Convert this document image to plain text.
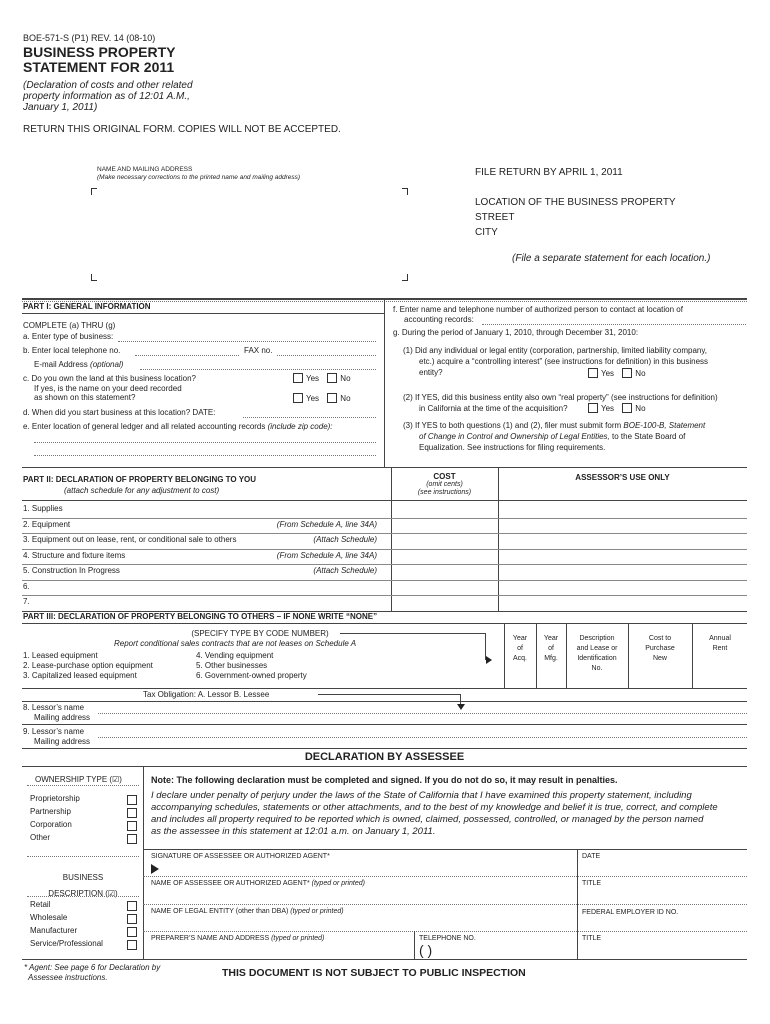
BOE-571-S (P1) REV. 14 (08-10)
BUSINESS PROPERTY
STATEMENT FOR 2011
(Declaration of costs and other related
property information as of 12:01 A.M.,
January 1, 2011)
RETURN THIS ORIGINAL FORM. COPIES WILL NOT BE ACCEPTED.
NAME AND MAILING ADDRESS
(Make necessary corrections to the printed name and mailing address)	FILE RETURN BY APRIL 1, 2011
LOCATION OF THE BUSINESS PROPERTY
STREET
CITY
(File a separate statement for each location.)
PART I: GENERAL INFORMATION
COMPLETE (a) THRU (g)
a. Enter type of business:
b. Enter local telephone no.	FAX no.
E-mail Address (optional)
c. Do you own the land at this business location?	Yes
	No
If yes, is the name on your deed recorded
as shown on this statement?	Yes
	No
d. When did you start business at this location? DATE:
e. Enter location of general ledger and all related accounting records (include zip code):
f. Enter name and telephone number of authorized person to contact at location of
accounting records:
g. During the period of January 1, 2010, through December 31, 2010:
(1) Did any individual or legal entity (corporation, partnership, limited liability company,
etc.) acquire a “controlling interest” (see instructions for definition) in this business
entity?	Yes
	No
(2) If YES, did this business entity also own “real property” (see instructions for definition)
in California at the time of the acquisition?	Yes
	No
(3) If YES to both questions (1) and (2), filer must submit form BOE-100-B, Statement
of Change in Control and Ownership of Legal Entities, to the State Board of
Equalization. See instructions for filing requirements.
PART II: DECLARATION OF PROPERTY BELONGING TO YOU
(attach schedule for any adjustment to cost)
COST
(omit cents)
(see instructions)
ASSESSOR’S USE ONLY
1. Supplies
2. Equipment	(From Schedule A, line 34A)
3. Equipment out on lease, rent, or conditional sale to others	(Attach Schedule)
4. Structure and fixture items	(From Schedule A, line 34A)
5. Construction In Progress	(Attach Schedule)
6.
7.
PART III: DECLARATION OF PROPERTY BELONGING TO OTHERS – IF NONE WRITE “NONE”
(SPECIFY TYPE BY CODE NUMBER)
Report conditional sales contracts that are not leases on Schedule A
1. Leased equipment
2. Lease-purchase option equipment
3. Capitalized leased equipment
4. Vending equipment
5. Other businesses
6. Government-owned property
Year
of
Acq.
Year
of
Mfg.
Description
and Lease or
Identification
No.
Cost to
Purchase
New
Annual
Rent
Tax Obligation: A. Lessor B. Lessee
8. Lessor’s name
Mailing address
9. Lessor’s name
Mailing address
DECLARATION BY ASSESSEE
OWNERSHIP TYPE (☑)
Proprietorship
Partnership
Corporation
Other
BUSINESS
DESCRIPTION (☑)
Retail
Wholesale
Manufacturer
Service/Professional
Note: The following declaration must be completed and signed. If you do not do so, it may result in penalties.
I declare under penalty of perjury under the laws of the State of California that I have examined this property statement, including
accompanying schedules, statements or other attachments, and to the best of my knowledge and belief it is true, correct, and complete
and includes all property required to be reported which is owned, claimed, possessed, controlled, or managed by the person named
as the assessee in this statement at 12:01 a.m. on January 1, 2011.
SIGNATURE OF ASSESSEE OR AUTHORIZED AGENT*	DATE
NAME OF ASSESSEE OR AUTHORIZED AGENT* (typed or printed)	TITLE
NAME OF LEGAL ENTITY (other than DBA) (typed or printed)	FEDERAL EMPLOYER ID NO.
PREPARER’S NAME AND ADDRESS (typed or printed)	TELEPHONE NO.
( )
TITLE
* Agent: See page 6 for Declaration by
Assessee instructions.	THIS DOCUMENT IS NOT SUBJECT TO PUBLIC INSPECTION
